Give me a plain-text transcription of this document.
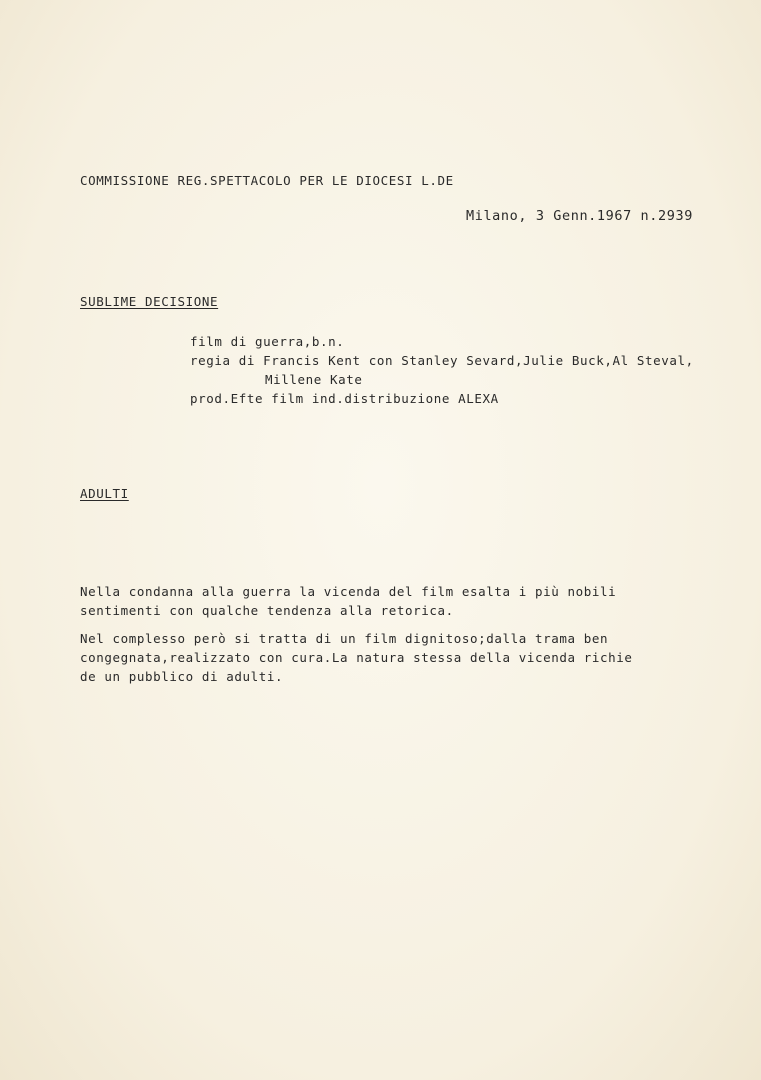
COMMISSIONE REG.SPETTACOLO PER LE DIOCESI L.DE

Milano, 3 Genn.1967 n.2939

SUBLIME DECISIONE

film di guerra,b.n.
regia di Francis Kent con Stanley Sevard,Julie Buck,Al Steval,
Millene Kate
prod.Efte film ind.distribuzione ALEXA

ADULTI

Nella condanna alla guerra la vicenda del film esalta i più nobili
sentimenti con qualche tendenza alla retorica.
Nel complesso però si tratta di un film dignitoso;dalla trama ben
congegnata,realizzato con cura.La natura stessa della vicenda richie
de un pubblico di adulti.
